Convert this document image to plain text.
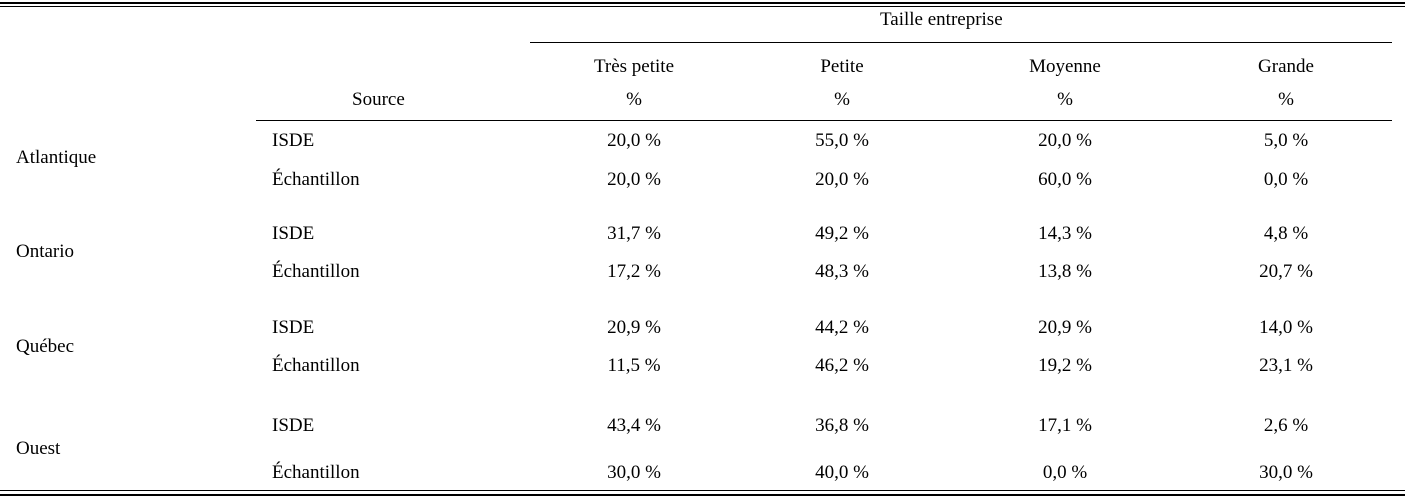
Taille entreprise
Très petite	Petite	Moyenne	Grande
Source	%	%	%	%
Atlantique
ISDE	20,0 %	55,0 %	20,0 %	5,0 %
Échantillon	20,0 %	20,0 %	60,0 %	0,0 %
Ontario
ISDE	31,7 %	49,2 %	14,3 %	4,8 %
Échantillon	17,2 %	48,3 %	13,8 %	20,7 %
Québec
ISDE	20,9 %	44,2 %	20,9 %	14,0 %
Échantillon	11,5 %	46,2 %	19,2 %	23,1 %
Ouest
ISDE	43,4 %	36,8 %	17,1 %	2,6 %
Échantillon	30,0 %	40,0 %	0,0 %	30,0 %
